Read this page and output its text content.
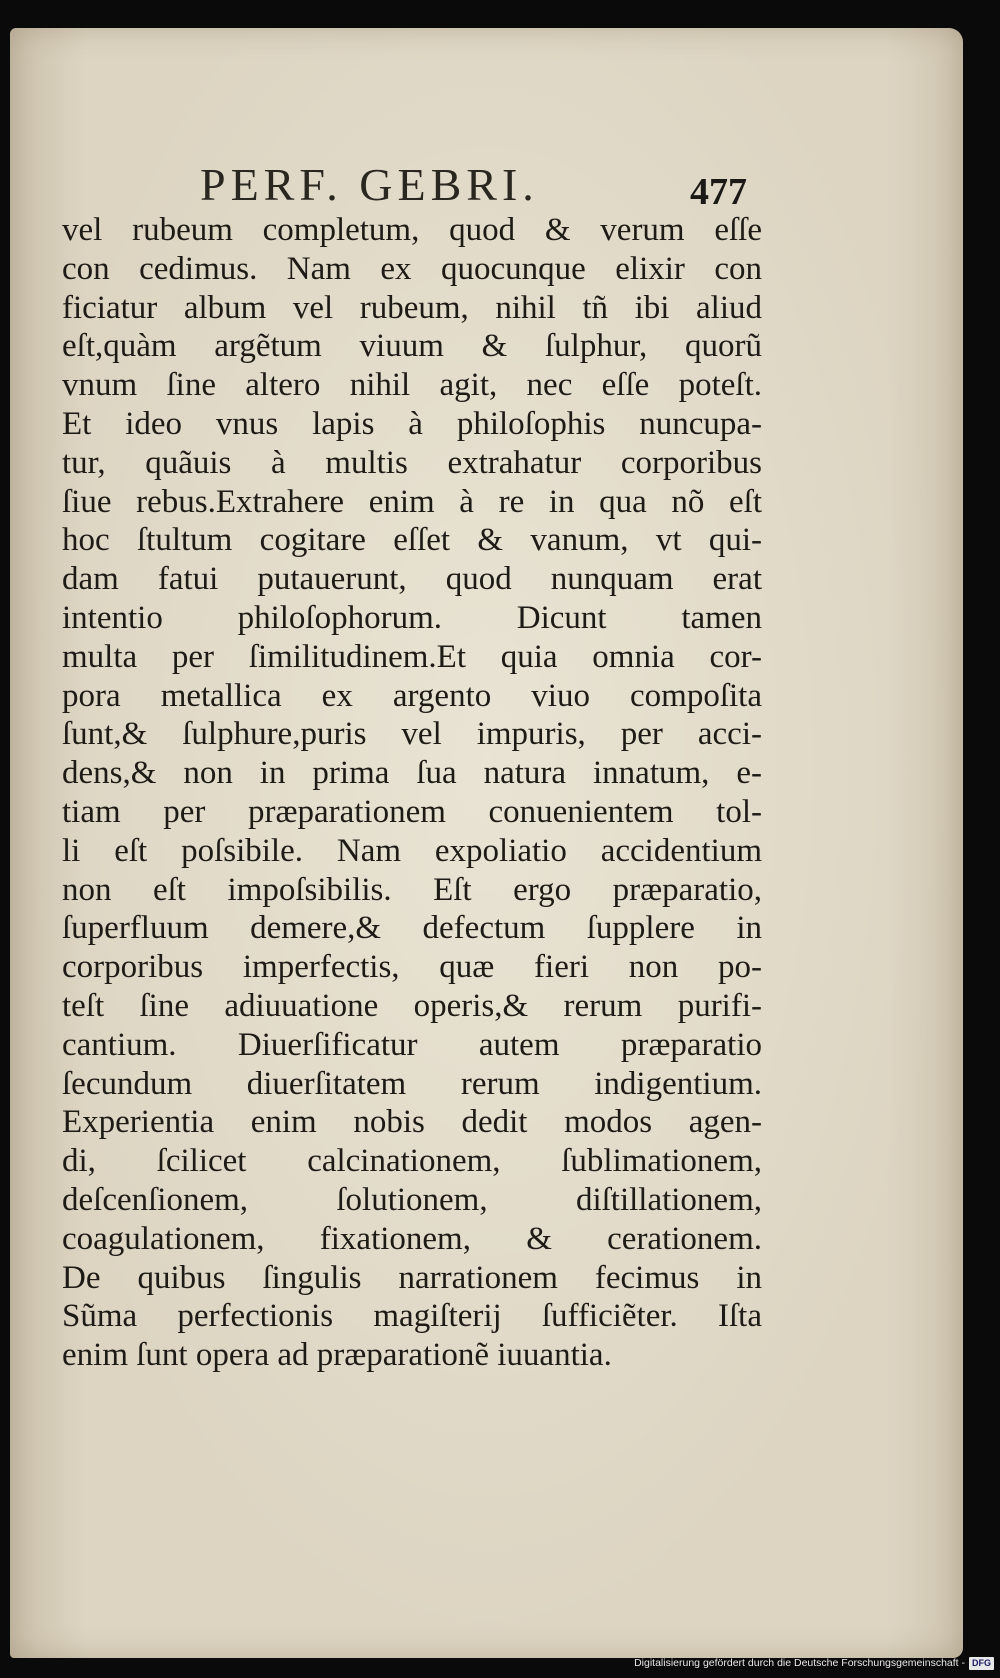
PERF. GEBRI.	477
vel rubeum completum, quod & verum eſſe
con cedimus. Nam ex quocunque elixir con
ficiatur album vel rubeum, nihil tñ ibi aliud
eſt,quàm argẽtum viuum & ſulphur, quorũ
vnum ſine altero nihil agit, nec eſſe poteſt.
Et ideo vnus lapis à philoſophis nuncupa-
tur, quãuis à multis extrahatur corporibus
ſiue rebus.Extrahere enim à re in qua nõ eſt
hoc ſtultum cogitare eſſet & vanum, vt qui-
dam fatui putauerunt, quod nunquam erat
intentio philoſophorum. Dicunt tamen
multa per ſimilitudinem.Et quia omnia cor-
pora metallica ex argento viuo compoſita
ſunt,& ſulphure,puris vel impuris, per acci-
dens,& non in prima ſua natura innatum, e-
tiam per præparationem conuenientem tol-
li eſt poſsibile. Nam expoliatio accidentium
non eſt impoſsibilis. Eſt ergo præparatio,
ſuperfluum demere,& defectum ſupplere in
corporibus imperfectis, quæ fieri non po-
teſt ſine adiuuatione operis,& rerum purifi-
cantium. Diuerſificatur autem præparatio
ſecundum diuerſitatem rerum indigentium.
Experientia enim nobis dedit modos agen-
di, ſcilicet calcinationem, ſublimationem,
deſcenſionem, ſolutionem, diſtillationem,
coagulationem, fixationem, & cerationem.
De quibus ſingulis narrationem fecimus in
Sũma perfectionis magiſterij ſufficiẽter. Iſta
enim ſunt opera ad præparationẽ iuuantia.
Digitalisierung gefördert durch die Deutsche Forschungsgemeinschaft - DFG
